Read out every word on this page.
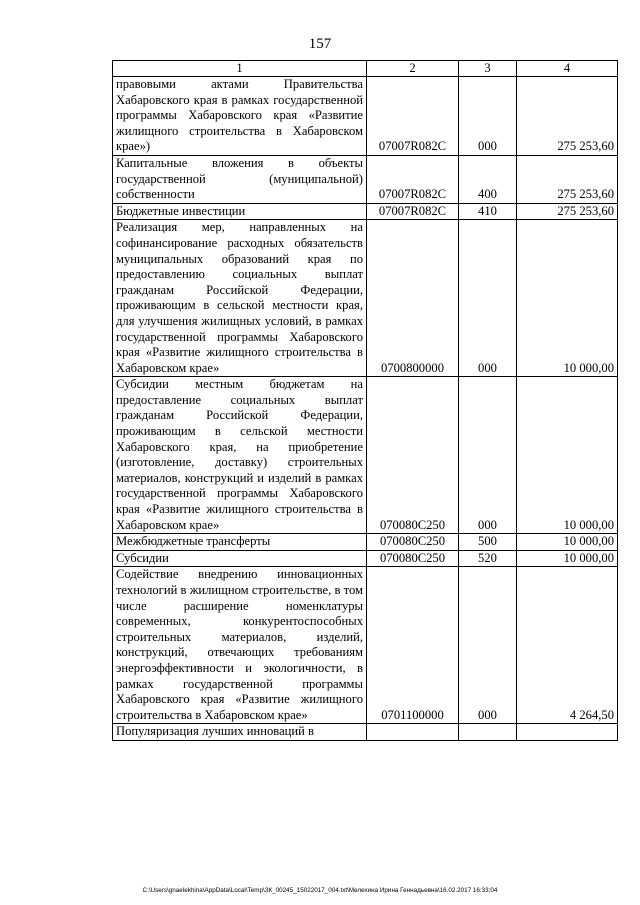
157
1	2	3	4
правовыми актами Правительства Хабаровского края в рамках государственной программы Хабаровского края «Развитие жилищного строительства в Хабаровском крае»)	07007R082C	000	275 253,60
Капитальные вложения в объекты государственной (муниципальной) собственности	07007R082C	400	275 253,60
Бюджетные инвестиции	07007R082C	410	275 253,60
Реализация мер, направленных на софинансирование расходных обязательств муниципальных образований края по предоставлению социальных выплат гражданам Российской Федерации, проживающим в сельской местности края, для улучшения жилищных условий, в рамках государственной программы Хабаровского края «Развитие жилищного строительства в Хабаровском крае»	0700800000	000	10 000,00
Субсидии местным бюджетам на предоставление социальных выплат гражданам Российской Федерации, проживающим в сельской местности Хабаровского края, на приобретение (изготовление, доставку) строительных материалов, конструкций и изделий в рамках государственной программы Хабаровского края «Развитие жилищного строительства в Хабаровском крае»	070080С250	000	10 000,00
Межбюджетные трансферты	070080С250	500	10 000,00
Субсидии	070080С250	520	10 000,00
Содействие внедрению инновационных технологий в жилищном строительстве, в том числе расширение номенклатуры современных, конкурентоспособных строительных материалов, изделий, конструкций, отвечающих требованиям энергоэффективности и экологичности, в рамках государственной программы Хабаровского края «Развитие жилищного строительства в Хабаровском крае»	0701100000	000	4 264,50
Популяризация лучших инноваций в			
C:\Users\gnaelekhina\AppData\Local\Temp\ЗК_00245_15022017_004.txt\Мелехина Ирина Геннадьевна\16.02.2017 16:33:04
